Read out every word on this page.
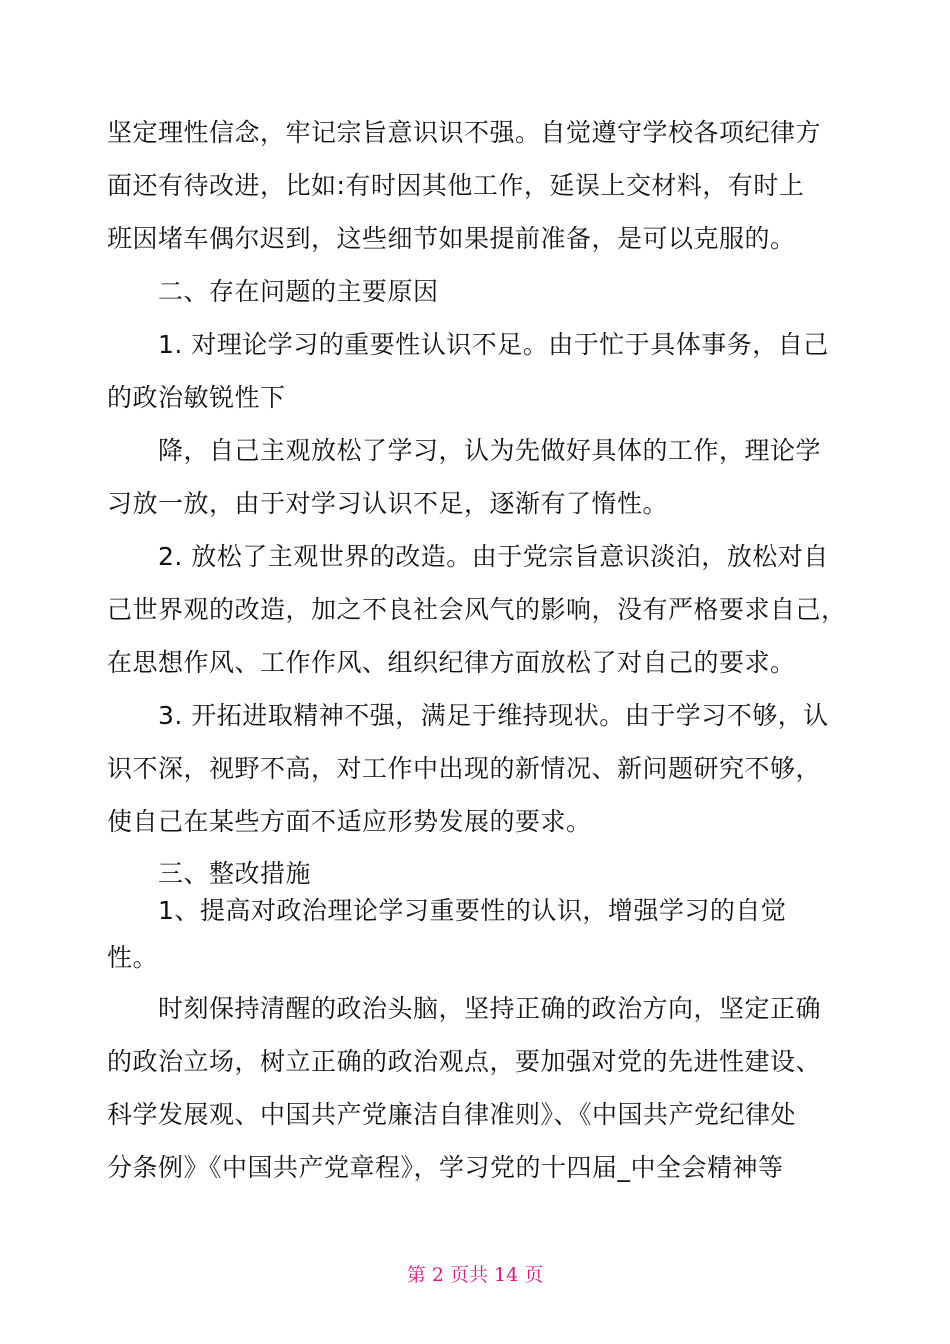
坚定理性信念，牢记宗旨意识识不强。自觉遵守学校各项纪律方
面还有待改进，比如:有时因其他工作，延误上交材料，有时上
班因堵车偶尔迟到，这些细节如果提前准备，是可以克服的。
二、存在问题的主要原因
1. 对理论学习的重要性认识不足。由于忙于具体事务，自己
的政治敏锐性下
降，自己主观放松了学习，认为先做好具体的工作，理论学
习放一放，由于对学习认识不足，逐渐有了惰性。
2. 放松了主观世界的改造。由于党宗旨意识淡泊，放松对自
己世界观的改造，加之不良社会风气的影响，没有严格要求自己，
在思想作风、工作作风、组织纪律方面放松了对自己的要求。
3. 开拓进取精神不强，满足于维持现状。由于学习不够，认
识不深，视野不高，对工作中出现的新情况、新问题研究不够，
使自己在某些方面不适应形势发展的要求。
三、整改措施
1、提高对政治理论学习重要性的认识，增强学习的自觉
性。
时刻保持清醒的政治头脑，坚持正确的政治方向，坚定正确
的政治立场，树立正确的政治观点，要加强对党的先进性建设、
科学发展观、中国共产党廉洁自律准则》、《中国共产党纪律处
分条例》《中国共产党章程》，学习党的十四届_中全会精神等
第 2 页共 14 页
